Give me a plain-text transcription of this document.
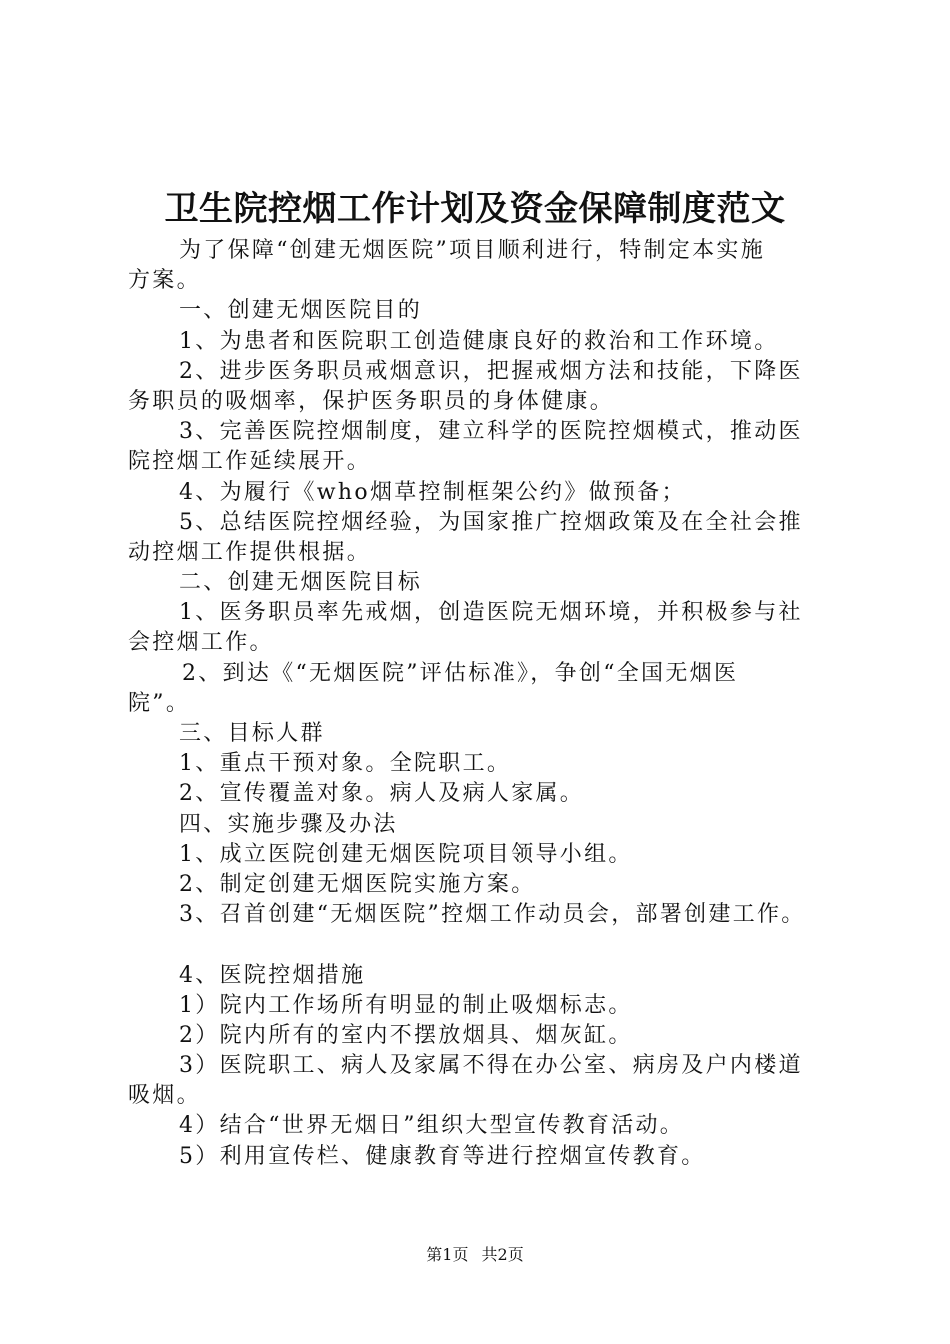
卫生院控烟工作计划及资金保障制度范文
为了保障“创建无烟医院”项目顺利进行，特制定本实施
方案。
一、创建无烟医院目的
1、为患者和医院职工创造健康良好的救治和工作环境。
2、进步医务职员戒烟意识，把握戒烟方法和技能，下降医
务职员的吸烟率，保护医务职员的身体健康。
3、完善医院控烟制度，建立科学的医院控烟模式，推动医
院控烟工作延续展开。
4、为履行《who烟草控制框架公约》做预备；
5、总结医院控烟经验，为国家推广控烟政策及在全社会推
动控烟工作提供根据。
二、创建无烟医院目标
1、医务职员率先戒烟，创造医院无烟环境，并积极参与社
会控烟工作。
2、到达《“无烟医院”评估标准》，争创“全国无烟医
院”。
三、目标人群
1、重点干预对象。全院职工。
2、宣传覆盖对象。病人及病人家属。
四、实施步骤及办法
1、成立医院创建无烟医院项目领导小组。
2、制定创建无烟医院实施方案。
3、召首创建“无烟医院”控烟工作动员会，部署创建工作。
4、医院控烟措施
1）院内工作场所有明显的制止吸烟标志。
2）院内所有的室内不摆放烟具、烟灰缸。
3）医院职工、病人及家属不得在办公室、病房及户内楼道
吸烟。
4）结合“世界无烟日”组织大型宣传教育活动。
5）利用宣传栏、健康教育等进行控烟宣传教育。
第1页 共2页
